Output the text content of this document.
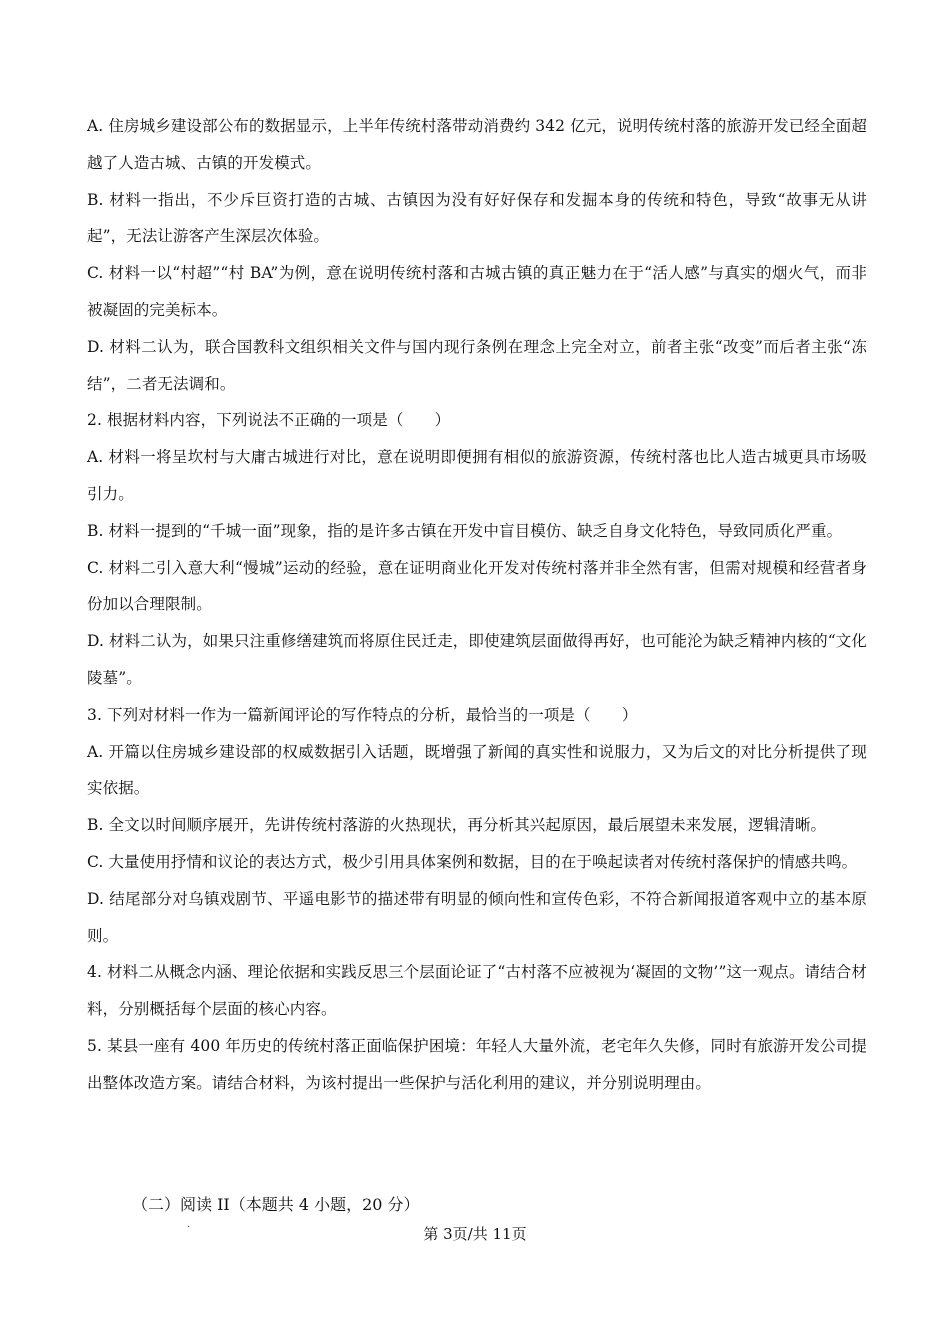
A. 住房城乡建设部公布的数据显示，上半年传统村落带动消费约 342 亿元，说明传统村落的旅游开发已经全面超越了人造古城、古镇的开发模式。

B. 材料一指出，不少斥巨资打造的古城、古镇因为没有好好保存和发掘本身的传统和特色，导致“故事无从讲起”，无法让游客产生深层次体验。

C. 材料一以“村超”“村 BA”为例，意在说明传统村落和古城古镇的真正魅力在于“活人感”与真实的烟火气，而非被凝固的完美标本。

D. 材料二认为，联合国教科文组织相关文件与国内现行条例在理念上完全对立，前者主张“改变”而后者主张“冻结”，二者无法调和。

2. 根据材料内容，下列说法不正确的一项是（　　）

A. 材料一将呈坎村与大庸古城进行对比，意在说明即便拥有相似的旅游资源，传统村落也比人造古城更具市场吸引力。

B. 材料一提到的“千城一面”现象，指的是许多古镇在开发中盲目模仿、缺乏自身文化特色，导致同质化严重。

C. 材料二引入意大利“慢城”运动的经验，意在证明商业化开发对传统村落并非全然有害，但需对规模和经营者身份加以合理限制。

D. 材料二认为，如果只注重修缮建筑而将原住民迁走，即使建筑层面做得再好，也可能沦为缺乏精神内核的“文化陵墓”。

3. 下列对材料一作为一篇新闻评论的写作特点的分析，最恰当的一项是（　　）

A. 开篇以住房城乡建设部的权威数据引入话题，既增强了新闻的真实性和说服力，又为后文的对比分析提供了现实依据。

B. 全文以时间顺序展开，先讲传统村落游的火热现状，再分析其兴起原因，最后展望未来发展，逻辑清晰。

C. 大量使用抒情和议论的表达方式，极少引用具体案例和数据，目的在于唤起读者对传统村落保护的情感共鸣。

D. 结尾部分对乌镇戏剧节、平遥电影节的描述带有明显的倾向性和宣传色彩，不符合新闻报道客观中立的基本原则。

4. 材料二从概念内涵、理论依据和实践反思三个层面论证了“古村落不应被视为‘凝固的文物’”这一观点。请结合材料，分别概括每个层面的核心内容。

5. 某县一座有 400 年历史的传统村落正面临保护困境：年轻人大量外流，老宅年久失修，同时有旅游开发公司提出整体改造方案。请结合材料，为该村提出一些保护与活化利用的建议，并分别说明理由。

（二）阅读 II（本题共 4 小题，20 分）

·	第 3页/共 11页
